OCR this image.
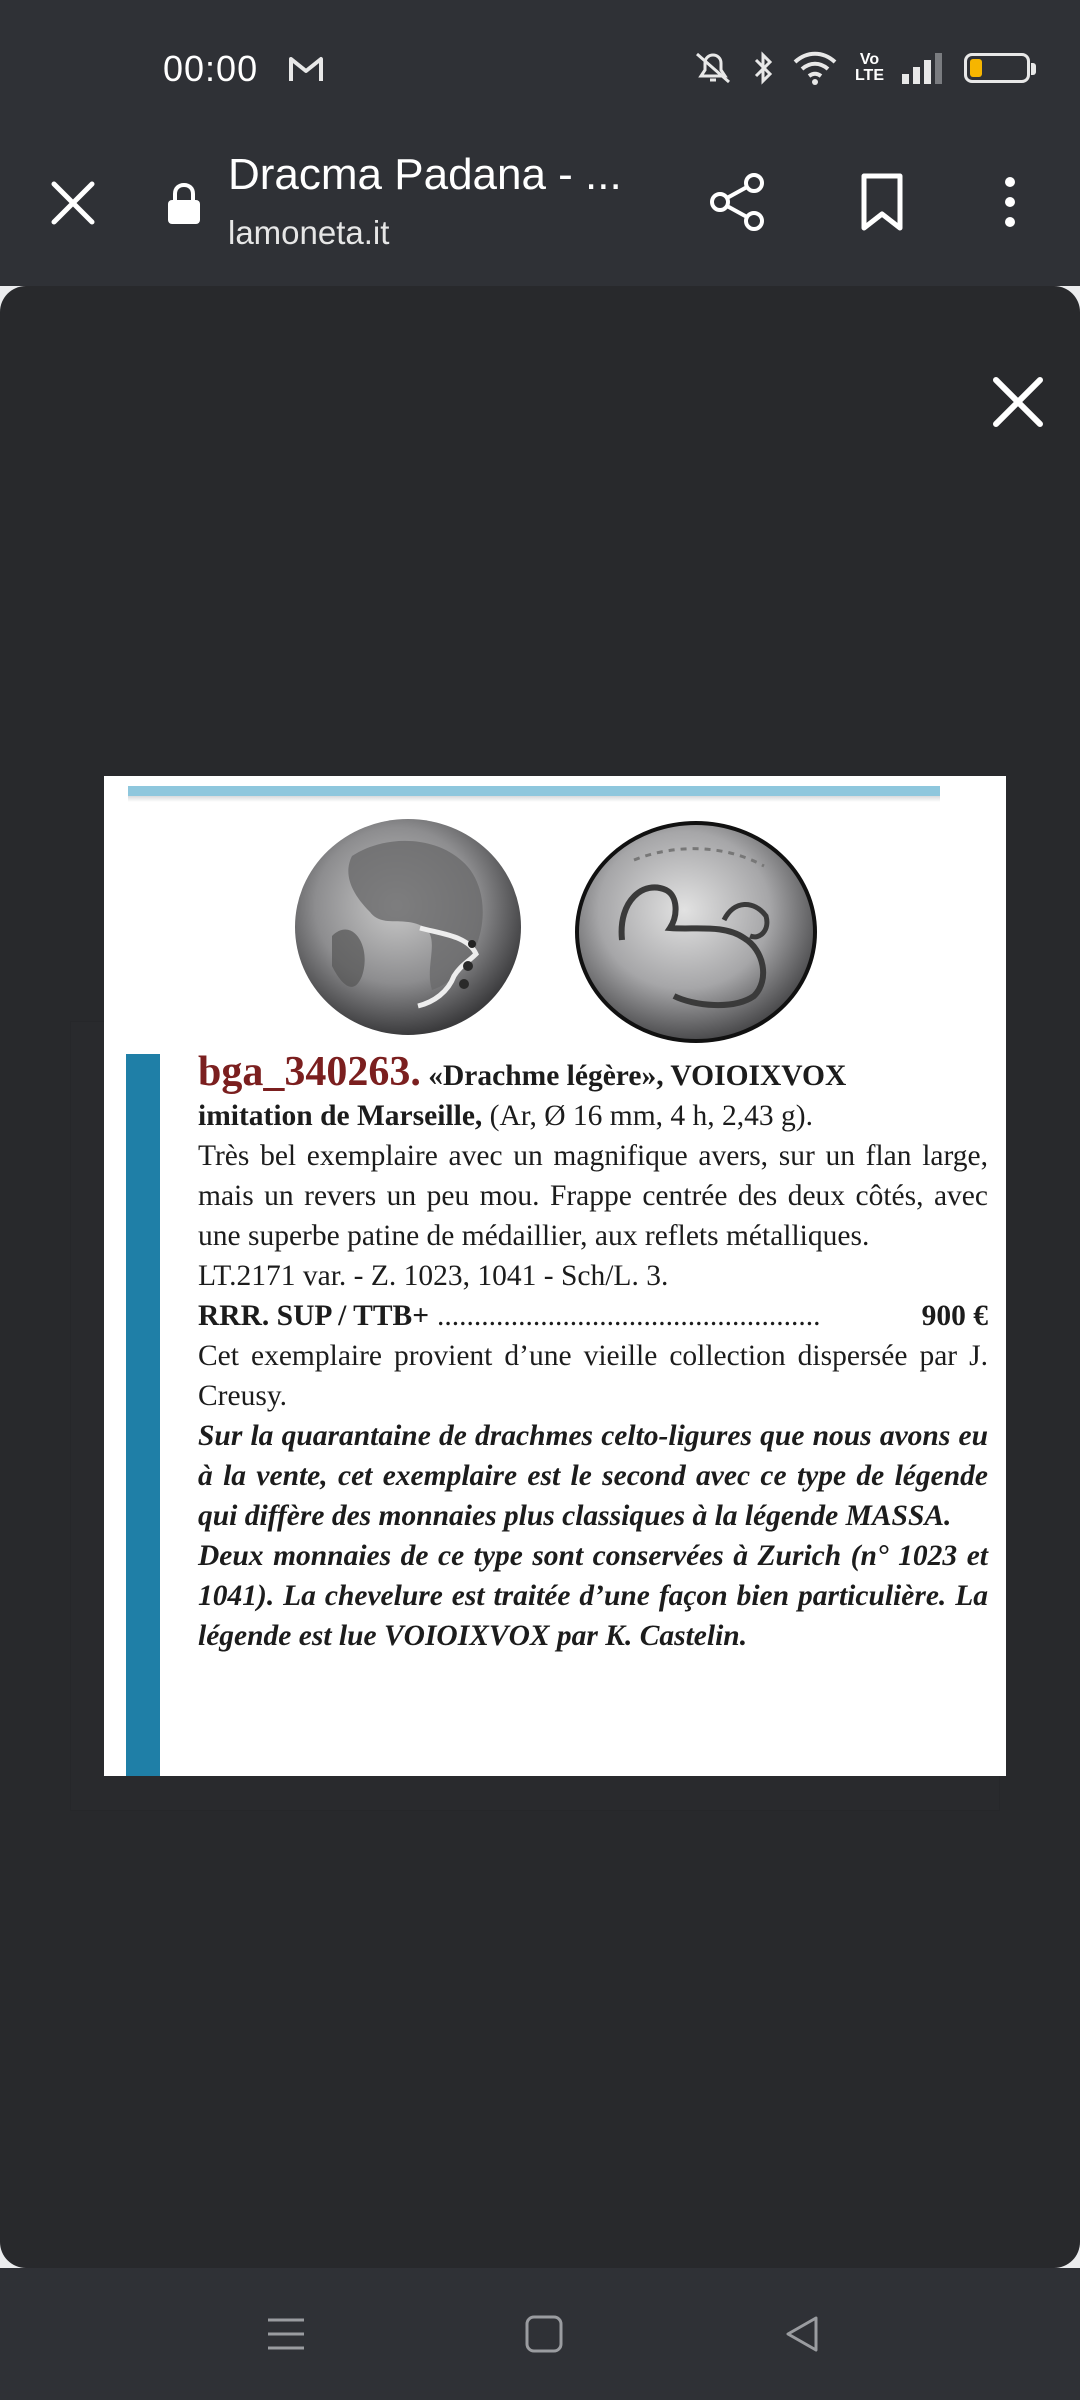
00:00	Vo
LTE
Dracma Padana - ...
lamoneta.it

bga_340263. «Drachme légère», VOIOIXVOX

imitation de Marseille, (Ar, Ø 16 mm, 4 h, 2,43 g).

Très bel exemplaire avec un magnifique avers, sur un flan large, mais un revers un peu mou. Frappe centrée des deux côtés, avec une superbe patine de médaillier, aux reflets métalliques.

LT.2171 var. - Z. 1023, 1041 - Sch/L. 3.

RRR. SUP / TTB+ ....................................................	900 €

Cet exemplaire provient d’une vieille collection dispersée par J. Creusy.

Sur la quarantaine de drachmes celto-ligures que nous avons eu à la vente, cet exemplaire est le second avec ce type de légende qui diffère des monnaies plus classiques à la légende MASSA.

Deux monnaies de ce type sont conservées à Zurich (n° 1023 et 1041). La chevelure est traitée d’une façon bien particulière. La légende est lue VOIOIXVOX par K. Castelin.
